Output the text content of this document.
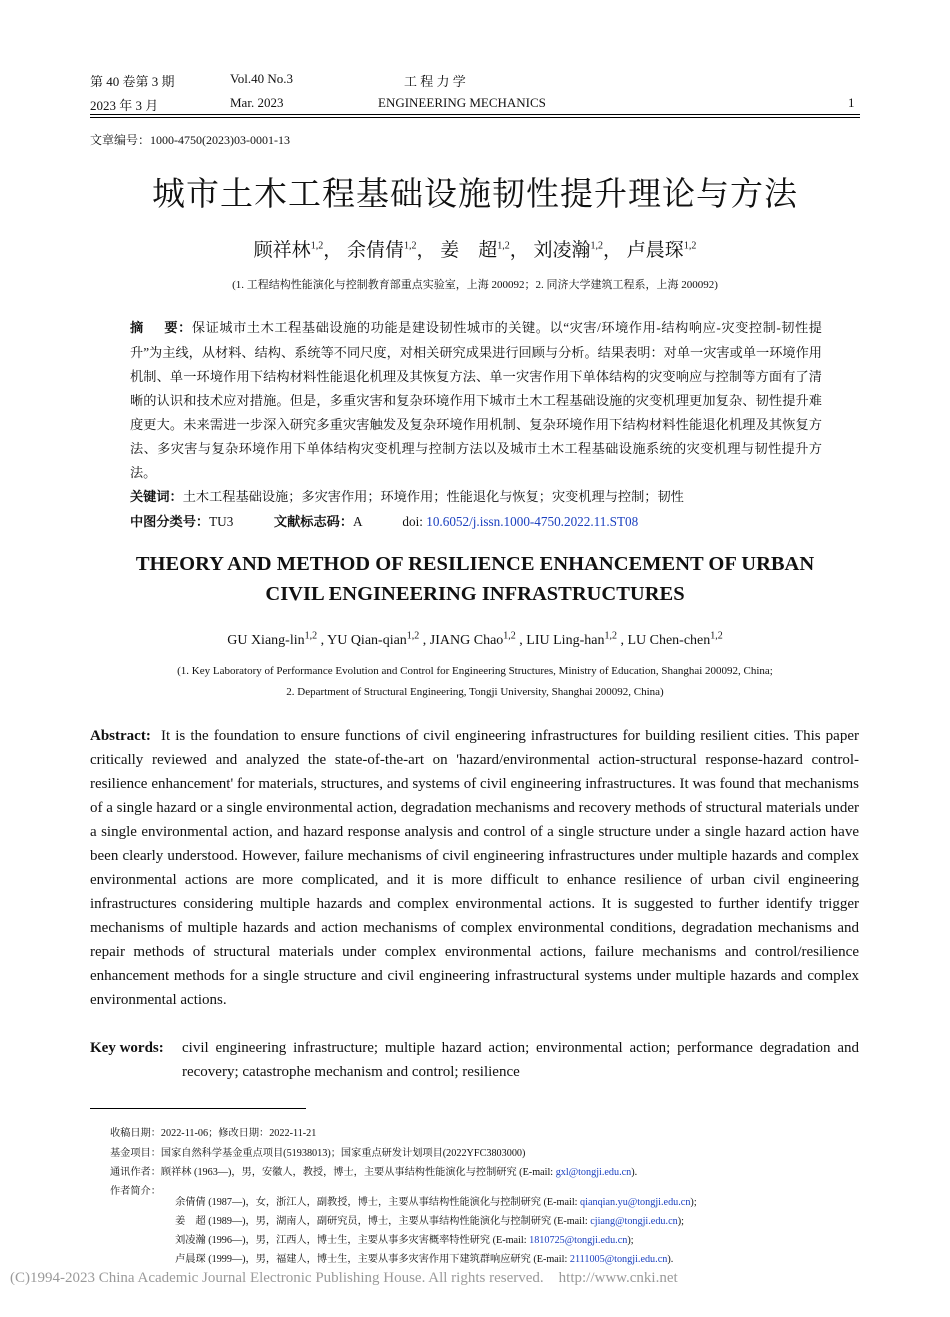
第 40 卷第 3 期	Vol.40 No.3	工 程 力 学
2023 年 3 月	Mar. 2023	ENGINEERING MECHANICS	1
文章编号：1000-4750(2023)03-0001-13
城市土木工程基础设施韧性提升理论与方法
顾祥林$^{1,2}$， 余倩倩$^{1,2}$， 姜    超$^{1,2}$， 刘凌瀚$^{1,2}$， 卢晨琛$^{1,2}$
(1. 工程结构性能演化与控制教育部重点实验室，上海 200092；2. 同济大学建筑工程系，上海 200092)
摘    要：保证城市土木工程基础设施的功能是建设韧性城市的关键。以“灾害/环境作用-结构响应-灾变控制-韧性提升”为主线，从材料、结构、系统等不同尺度，对相关研究成果进行回顾与分析。结果表明：对单一灾害或单一环境作用机制、单一环境作用下结构材料性能退化机理及其恢复方法、单一灾害作用下单体结构的灾变响应与控制等方面有了清晰的认识和技术应对措施。但是，多重灾害和复杂环境作用下城市土木工程基础设施的灾变机理更加复杂、韧性提升难度更大。未来需进一步深入研究多重灾害触发及复杂环境作用机制、复杂环境作用下结构材料性能退化机理及其恢复方法、多灾害与复杂环境作用下单体结构灾变机理与控制方法以及城市土木工程基础设施系统的灾变机理与韧性提升方法。
关键词：土木工程基础设施；多灾害作用；环境作用；性能退化与恢复；灾变机理与控制；韧性
中图分类号：TU3	文献标志码：A	doi: 10.6052/j.issn.1000-4750.2022.11.ST08
THEORY AND METHOD OF RESILIENCE ENHANCEMENT OF URBAN
CIVIL ENGINEERING INFRASTRUCTURES
GU Xiang-lin$^{1,2}$ , YU Qian-qian$^{1,2}$ , JIANG Chao$^{1,2}$ , LIU Ling-han$^{1,2}$ , LU Chen-chen$^{1,2}$
(1. Key Laboratory of Performance Evolution and Control for Engineering Structures, Ministry of Education, Shanghai 200092, China;
2. Department of Structural Engineering, Tongji University, Shanghai 200092, China)
Abstract: It is the foundation to ensure functions of civil engineering infrastructures for building resilient cities. This paper critically reviewed and analyzed the state-of-the-art on 'hazard/environmental action-structural response-hazard control-resilience enhancement' for materials, structures, and systems of civil engineering infrastructures. It was found that mechanisms of a single hazard or a single environmental action, degradation mechanisms and recovery methods of structural materials under a single environmental action, and hazard response analysis and control of a single structure under a single hazard action have been clearly understood. However, failure mechanisms of civil engineering infrastructures under multiple hazards and complex environmental actions are more complicated, and it is more difficult to enhance resilience of urban civil engineering infrastructures considering multiple hazards and complex environmental actions. It is suggested to further identify trigger mechanisms of multiple hazards and action mechanisms of complex environmental conditions, degradation mechanisms and repair methods of structural materials under complex environmental actions, failure mechanisms and control/resilience enhancement methods for a single structure and civil engineering infrastructural systems under multiple hazards and complex environmental actions.
Key words: civil engineering infrastructure; multiple hazard action; environmental action; performance degradation and recovery; catastrophe mechanism and control; resilience
收稿日期：2022-11-06；修改日期：2022-11-21
基金项目：国家自然科学基金重点项目(51938013)；国家重点研发计划项目(2022YFC3803000)
通讯作者：顾祥林 (1963—)，男，安徽人，教授，博士，主要从事结构性能演化与控制研究 (E-mail: gxl@tongji.edu.cn).
作者简介：

余倩倩 (1987—)，女，浙江人，副教授，博士，主要从事结构性能演化与控制研究 (E-mail: qianqian.yu@tongji.edu.cn);

姜    超 (1989—)，男，湖南人，副研究员，博士，主要从事结构性能演化与控制研究 (E-mail: cjiang@tongji.edu.cn);

刘凌瀚 (1996—)，男，江西人，博士生，主要从事多灾害概率特性研究 (E-mail: 1810725@tongji.edu.cn);

卢晨琛 (1999—)，男，福建人，博士生，主要从事多灾害作用下建筑群响应研究 (E-mail: 2111005@tongji.edu.cn).

(C)1994-2023 China Academic Journal Electronic Publishing House. All rights reserved.    http://www.cnki.net
